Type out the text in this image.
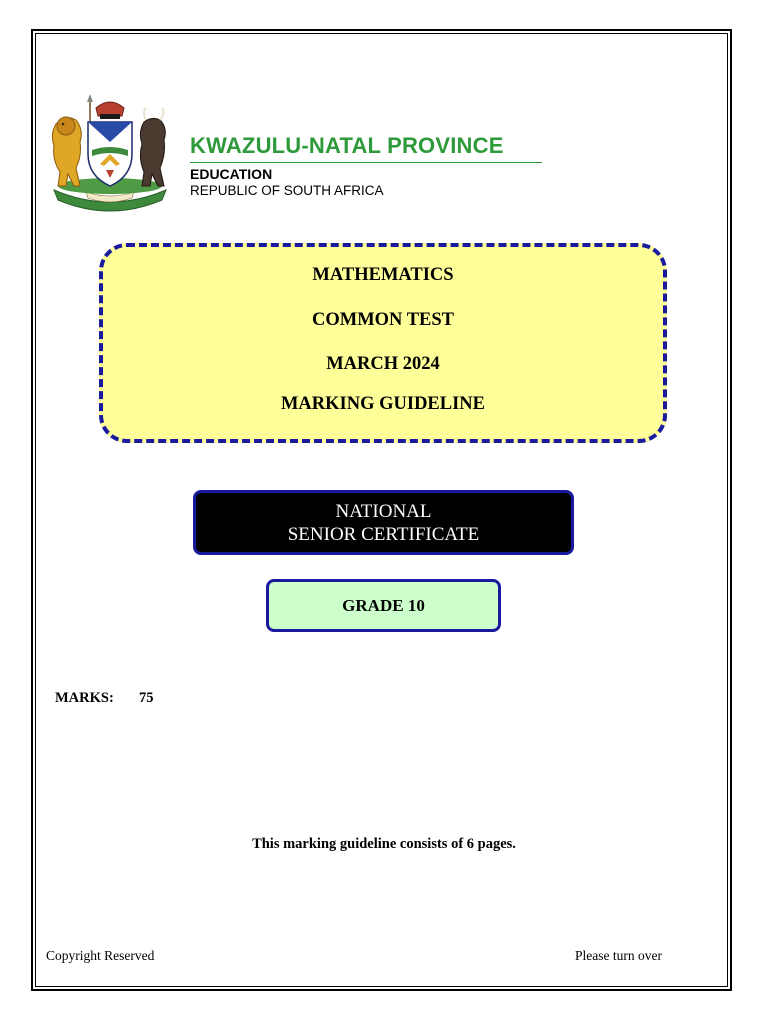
KWAZULU-NATAL PROVINCE
EDUCATION
REPUBLIC OF SOUTH AFRICA
MATHEMATICS
COMMON TEST
MARCH 2024
MARKING GUIDELINE
NATIONAL
SENIOR CERTIFICATE
GRADE 10
MARKS: 75
This marking guideline consists of 6 pages.
Copyright Reserved	Please turn over
